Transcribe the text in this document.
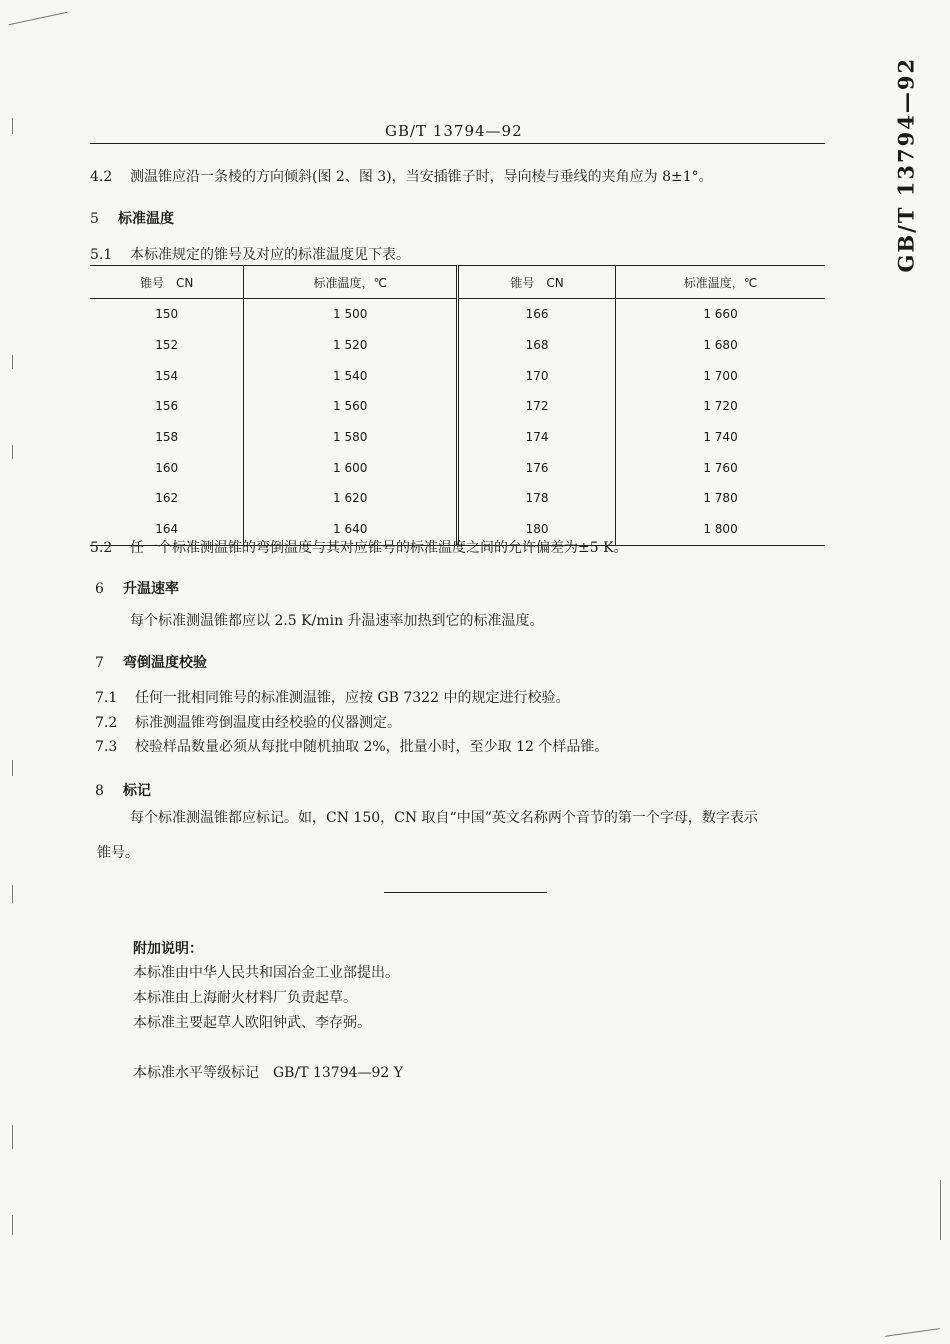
GB/T 13794—92	GB/T 13794—92
4.2 测温锥应沿一条棱的方向倾斜(图 2、图 3)，当安插锥子时，导向棱与垂线的夹角应为 8±1°。
5 标准温度
5.1 本标准规定的锥号及对应的标准温度见下表。
锥号　CN	标准温度，℃	锥号　CN	标准温度，℃
150	1 500	166	1 660
152	1 520	168	1 680
154	1 540	170	1 700
156	1 560	172	1 720
158	1 580	174	1 740
160	1 600	176	1 760
162	1 620	178	1 780
164	1 640	180	1 800
5.2 任一个标准测温锥的弯倒温度与其对应锥号的标准温度之间的允许偏差为±5 K。
6 升温速率
每个标准测温锥都应以 2.5 K/min 升温速率加热到它的标准温度。
7 弯倒温度校验
7.1 任何一批相同锥号的标准测温锥，应按 GB 7322 中的规定进行校验。
7.2 标准测温锥弯倒温度由经校验的仪器测定。
7.3 校验样品数量必须从每批中随机抽取 2%，批量小时，至少取 12 个样品锥。
8 标记
每个标准测温锥都应标记。如，CN 150，CN 取自“中国”英文名称两个音节的第一个字母，数字表示
锥号。
附加说明：
本标准由中华人民共和国冶金工业部提出。
本标准由上海耐火材料厂负责起草。
本标准主要起草人欧阳钟武、李存弼。
本标准水平等级标记　GB/T 13794—92 Y
